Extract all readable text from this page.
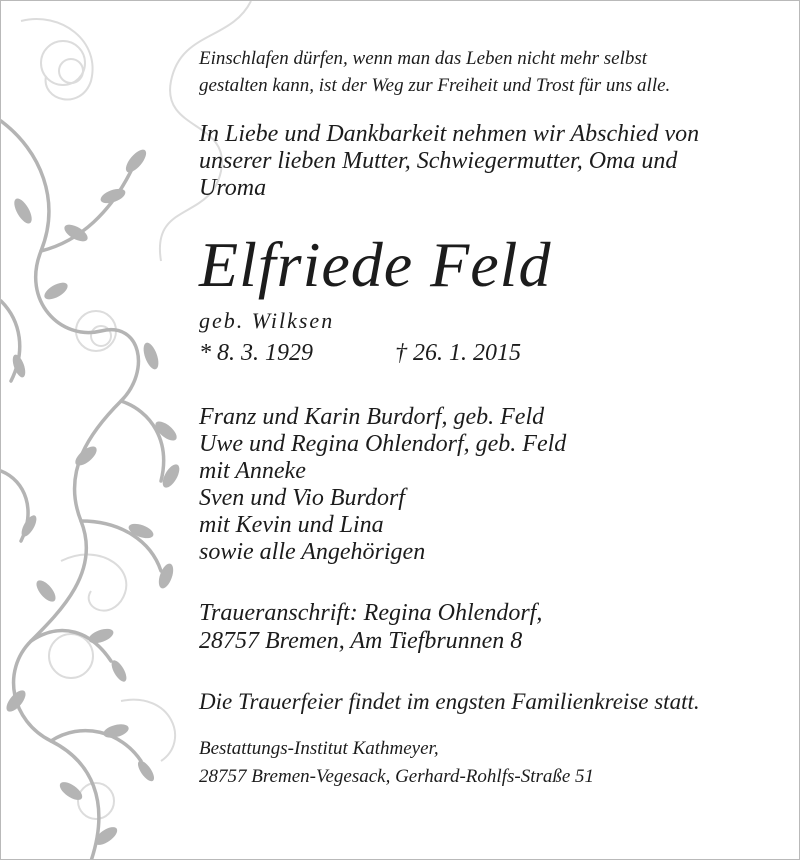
Einschlafen dürfen, wenn man das Leben nicht mehr selbst
gestalten kann, ist der Weg zur Freiheit und Trost für uns alle.
In Liebe und Dankbarkeit nehmen wir Abschied von
unserer lieben Mutter, Schwiegermutter, Oma und
Uroma
Elfriede Feld
geb. Wilksen
* 8. 3. 1929	† 26. 1. 2015
Franz und Karin Burdorf, geb. Feld
Uwe und Regina Ohlendorf, geb. Feld
mit Anneke
Sven und Vio Burdorf
mit Kevin und Lina
sowie alle Angehörigen
Traueranschrift: Regina Ohlendorf,
28757 Bremen, Am Tiefbrunnen 8
Die Trauerfeier findet im engsten Familienkreise statt.
Bestattungs-Institut Kathmeyer,
28757 Bremen-Vegesack, Gerhard-Rohlfs-Straße 51
